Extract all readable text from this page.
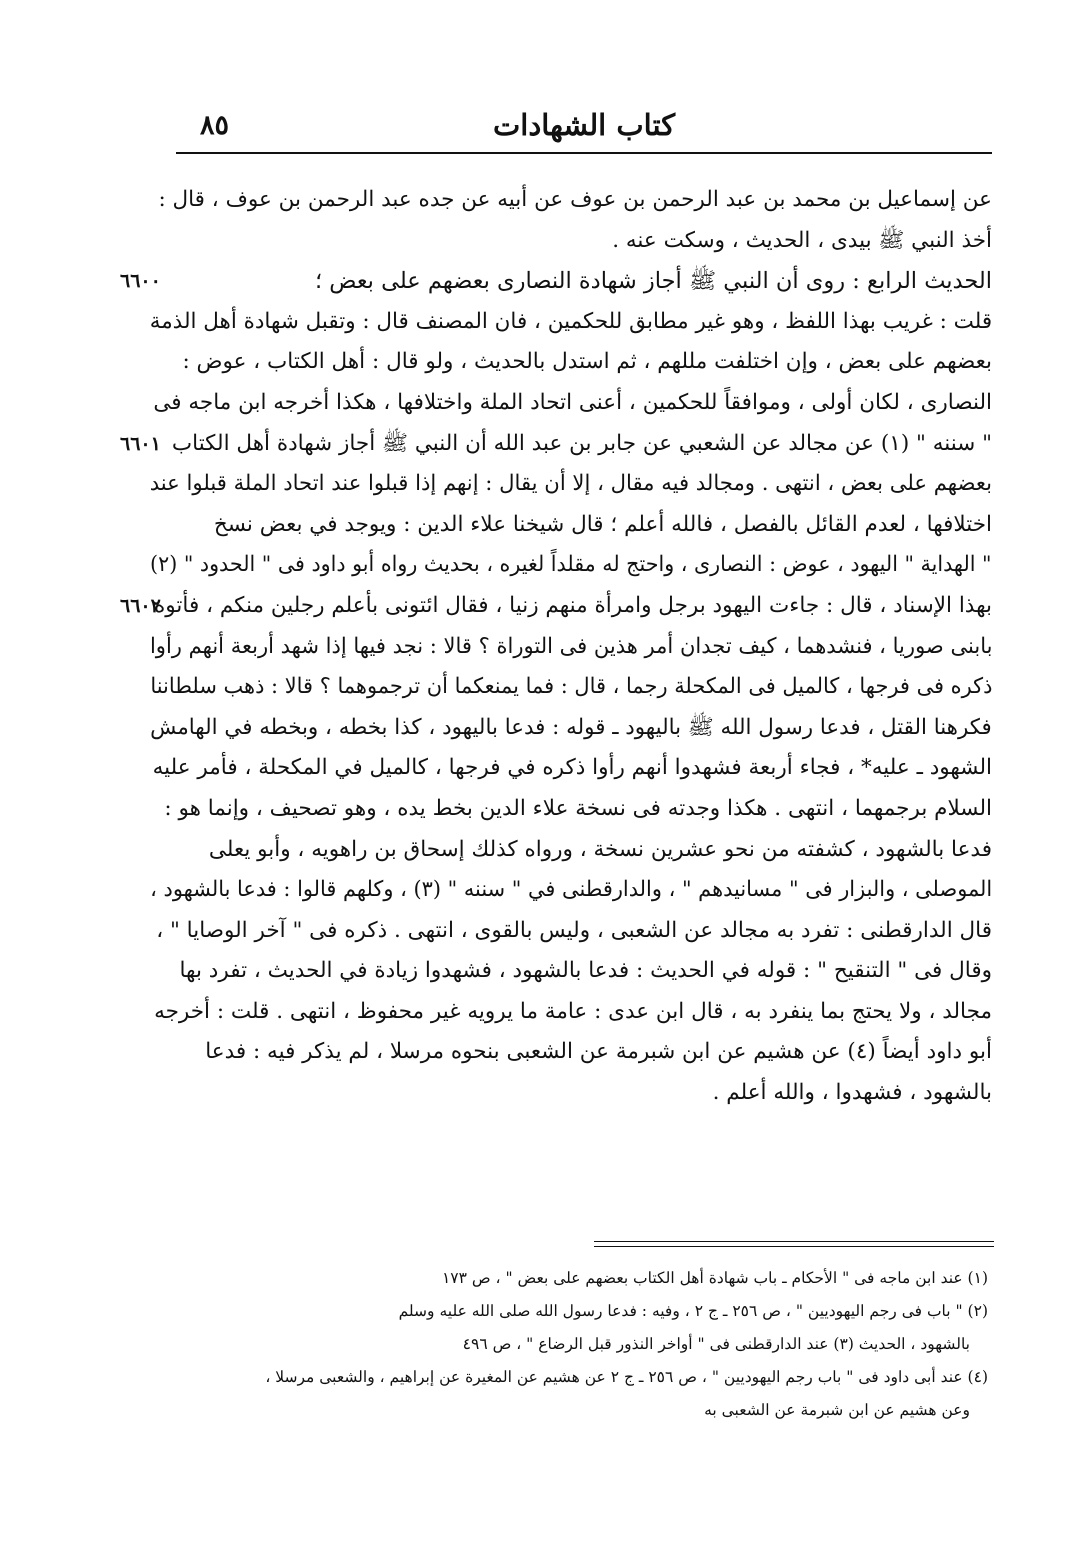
كتاب الشهادات
٨٥
عن إسماعيل بن محمد بن عبد الرحمن بن عوف عن أبيه عن جده عبد الرحمن بن عوف ، قال :
أخذ النبي ﷺ بيدى ، الحديث ، وسكت عنه .
الحديث الرابع : روى أن النبي ﷺ أجاز شهادة النصارى بعضهم على بعض ؛
٦٦٠٠
قلت : غريب بهذا اللفظ ، وهو غير مطابق للحكمين ، فان المصنف قال : وتقبل شهادة أهل الذمة
بعضهم على بعض ، وإن اختلفت مللهم ، ثم استدل بالحديث ، ولو قال : أهل الكتاب ، عوض :
النصارى ، لكان أولى ، وموافقاً للحكمين ، أعنى اتحاد الملة واختلافها ، هكذا أخرجه ابن ماجه فى
" سننه " (١) عن مجالد عن الشعبي عن جابر بن عبد الله أن النبي ﷺ أجاز شهادة أهل الكتاب
٦٦٠١
بعضهم على بعض ، انتهى . ومجالد فيه مقال ، إلا أن يقال : إنهم إذا قبلوا عند اتحاد الملة قبلوا عند
اختلافها ، لعدم القائل بالفصل ، فالله أعلم ؛ قال شيخنا علاء الدين : ويوجد في بعض نسخ
" الهداية " اليهود ، عوض : النصارى ، واحتج له مقلداً لغيره ، بحديث رواه أبو داود فى " الحدود " (٢)
بهذا الإسناد ، قال : جاءت اليهود برجل وامرأة منهم زنيا ، فقال ائتونى بأعلم رجلين منكم ، فأتوه
٦٦٠٢
بابنى صوريا ، فنشدهما ، كيف تجدان أمر هذين فى التوراة ؟ قالا : نجد فيها إذا شهد أربعة أنهم رأوا
ذكره فى فرجها ، كالميل فى المكحلة رجما ، قال : فما يمنعكما أن ترجموهما ؟ قالا : ذهب سلطاننا
فكرهنا القتل ، فدعا رسول الله ﷺ باليهود ـ قوله : فدعا باليهود ، كذا بخطه ، وبخطه في الهامش
الشهود ـ عليه* ، فجاء أربعة فشهدوا أنهم رأوا ذكره في فرجها ، كالميل في المكحلة ، فأمر عليه
السلام برجمهما ، انتهى . هكذا وجدته فى نسخة علاء الدين بخط يده ، وهو تصحيف ، وإنما هو :
فدعا بالشهود ، كشفته من نحو عشرين نسخة ، ورواه كذلك إسحاق بن راهويه ، وأبو يعلى
الموصلى ، والبزار فى " مسانيدهم " ، والدارقطنى في " سننه " (٣) ، وكلهم قالوا : فدعا بالشهود ،
قال الدارقطنى : تفرد به مجالد عن الشعبى ، وليس بالقوى ، انتهى . ذكره فى " آخر الوصايا " ،
وقال فى " التنقيح " : قوله في الحديث : فدعا بالشهود ، فشهدوا زيادة في الحديث ، تفرد بها
مجالد ، ولا يحتج بما ينفرد به ، قال ابن عدى : عامة ما يرويه غير محفوظ ، انتهى . قلت : أخرجه
أبو داود أيضاً (٤) عن هشيم عن ابن شبرمة عن الشعبى بنحوه مرسلا ، لم يذكر فيه : فدعا
بالشهود ، فشهدوا ، والله أعلم .
(١) عند ابن ماجه فى " الأحكام ـ باب شهادة أهل الكتاب بعضهم على بعض " ، ص ١٧٣
(٢) " باب فى رجم اليهوديين " ، ص ٢٥٦ ـ ج ٢ ، وفيه : فدعا رسول الله صلى الله عليه وسلم
بالشهود ، الحديث (٣) عند الدارقطنى فى " أواخر النذور قبل الرضاع " ، ص ٤٩٦
(٤) عند أبى داود فى " باب رجم اليهوديين " ، ص ٢٥٦ ـ ج ٢ عن هشيم عن المغيرة عن إبراهيم ، والشعبى مرسلا ،
وعن هشيم عن ابن شبرمة عن الشعبى به
